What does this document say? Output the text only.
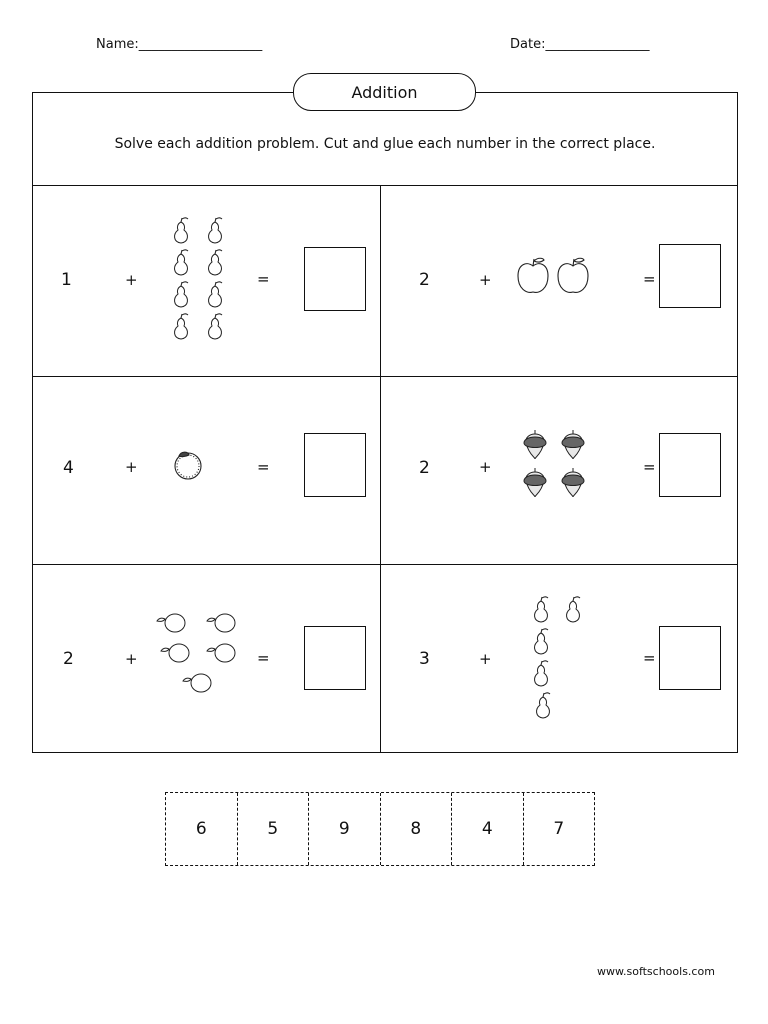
Name:___________________	Date:________________
Addition
Solve each addition problem. Cut and glue each number in the correct place.
1	+	=	2	+	=
4	+	=	2	+	=
2	+	=	3	+	=
6	5	9	8	4	7
www.softschools.com
